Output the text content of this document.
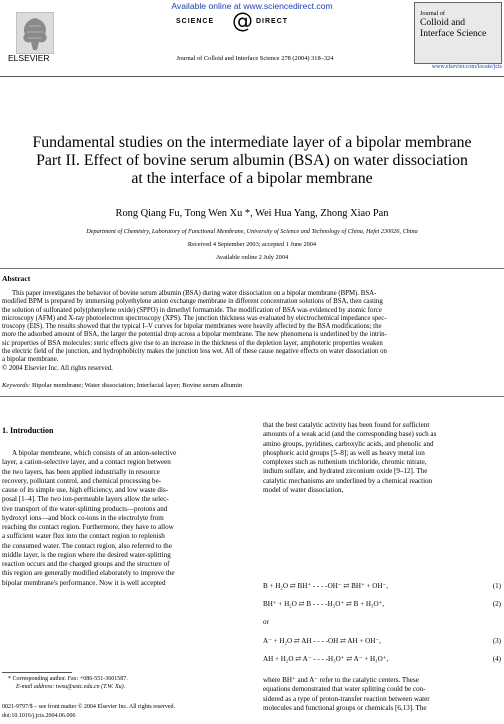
Available online at www.sciencedirect.com
SCIENCE @ DIRECT
ELSEVIER	Journal of Colloid and Interface Science 278 (2004) 318–324
Journal of
Colloid and
Interface Science
www.elsevier.com/locate/jcis
Fundamental studies on the intermediate layer of a bipolar membrane
Part II. Effect of bovine serum albumin (BSA) on water dissociation
at the interface of a bipolar membrane
Rong Qiang Fu, Tong Wen Xu *, Wei Hua Yang, Zhong Xiao Pan
Department of Chemistry, Laboratory of Functional Membrane, University of Science and Technology of China, Hefei 230026, China
Received 4 September 2003; accepted 1 June 2004
Available online 2 July 2004
Abstract
This paper investigates the behavior of bovine serum albumin (BSA) during water dissociation on a bipolar membrane (BPM). BSA-
modified BPM is prepared by immersing polyethylene anion exchange membrane in different concentration solutions of BSA, then casting
the solution of sulfonated poly(phenylene oxide) (SPPO) in dimethyl formamide. The modification of BSA was evidenced by atomic force
microscopy (AFM) and X-ray photoelectron spectroscopy (XPS). The junction thickness was evaluated by electrochemical impedance spec-
troscopy (EIS). The results showed that the typical I–V curves for bipolar membranes were heavily affected by the BSA modifications; the
more the adsorbed amount of BSA, the larger the potential drop across a bipolar membrane. The new phenomena is underlined by the intrin-
sic properties of BSA molecules: steric effects give rise to an increase in the thickness of the depletion layer, amphoteric properties weaken
the electric field of the junction, and hydrophobicity makes the junction less wet. All of these cause negative effects on water dissociation on
a bipolar membrane.
© 2004 Elsevier Inc. All rights reserved.
Keywords: Bipolar membrane; Water dissociation; Interfacial layer; Bovine serum albumin
1. Introduction
A bipolar membrane, which consists of an anion-selective
layer, a cation-selective layer, and a contact region between
the two layers, has been applied industrially in resource
recovery, pollutant control, and chemical processing be-
cause of its simple use, high efficiency, and low waste dis-
posal [1–4]. The two ion-permeable layers allow the selec-
tive transport of the water-splitting products—protons and
hydroxyl ions—and block co-ions in the electrolyte from
reaching the contact region. Furthermore, they have to allow
a sufficient water flux into the contact region to replenish
the consumed water. The contact region, also referred to the
middle layer, is the region where the desired water-splitting
reaction occurs and the charged groups and the structure of
this region are generally modified elaborately to improve the
bipolar membrane's performance. Now it is well accepted
* Corresponding author. Fax: +086-551-3601587.
E-mail address: twxu@ustc.edu.cn (T.W. Xu).
0021-9797/$ – see front matter © 2004 Elsevier Inc. All rights reserved.
doi:10.1016/j.jcis.2004.06.006
that the best catalytic activity has been found for sufficient
amounts of a weak acid (and the corresponding base) such as
amino groups, pyridines, carboxylic acids, and phenolic and
phosphoric acid groups [5–8]; as well as heavy metal ion
complexes such as ruthenium trichloride, chromic nitrate,
indium sulfate, and hydrated zirconium oxide [9–12]. The
catalytic mechanisms are underlined by a chemical reaction
model of water dissociation,
B + H₂O ⇄ BH⁺ - - - -OH⁻ ⇄ BH⁺ + OH⁻,	(1)
BH⁺ + H₂O ⇄ B - - - -H₃O⁺ ⇄ B + H₃O⁺,	(2)
or
A⁻ + H₂O ⇄ AH - - - -OH ⇄ AH + OH⁻,	(3)
AH + H₂O ⇄ A⁻ - - - -H₃O⁺ ⇄ A⁻ + H₃O⁺,	(4)
where BH⁺ and A⁻ refer to the catalytic centers. These
equations demonstrated that water splitting could be con-
sidered as a type of proton-transfer reaction between water
molecules and functional groups or chemicals [6,13]. The
